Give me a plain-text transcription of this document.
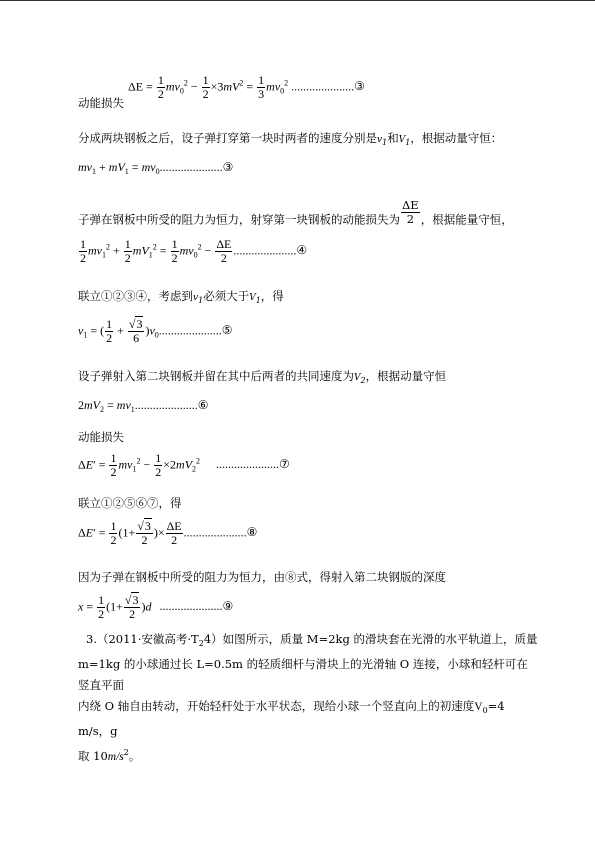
动能损失
$\Delta E = \frac{1}{2} mv_0^2 - \frac{1}{2} \times 3mV^2 = \frac{1}{3} mv_0^2$ .....................③
分成两块钢板之后，设子弹打穿第一块时两者的速度分别是$v_1$和$V_1$，根据动量守恒：
$mv_1 + mV_1$ = $mv_0.....................③$
子弹在钢板中所受的阻力为恒力，射穿第一块钢板的动能损失为 $\frac{\Delta E}{2}$ ，根据能量守恒，
$\frac{1}{2} mv_1^2 + \frac{1}{2} mV_1^2 = \frac{1}{2} mv_0^2 - \frac{\Delta E}{2}$ .....................④
联立①②③④，考虑到$v_1$必须大于$V_1$，得
$v_1$ = ( $\frac{1}{2} + \frac{√3}{6}$ )$v_0.....................⑤$
设子弹射入第二块钢板并留在其中后两者的共同速度为$V_2$，根据动量守恒
$2mV_2$ = $mv_1.....................⑥$
动能损失
$\Delta E' = \frac{1}{2} mv_1^2 - \frac{1}{2} \times 2mV_2^2$ .....................⑦
联立①②⑤⑥⑦，得
$\Delta E' = \frac{1}{2} (1+ \frac{√3}{2}$ )× $\frac{\Delta E}{2}$ .....................⑧
因为子弹在钢板中所受的阻力为恒力，由⑧式，得射入第二块钢版的深度
$x = \frac{1}{2} (1+ \frac{√3}{2} )d$ .....................⑨
3.（2011·安徽高考$\cdot T_24$）如图所示，质量 M=2kg 的滑块套在光滑的水平轨道上，质量
m=1kg 的小球通过长 L=0.5m 的轻质细杆与滑块上的光滑轴 O 连接，小球和轻杆可在竖直平面
内绕 O 轴自由转动，开始轻杆处于水平状态，现给小球一个竖直向上的初速度$V_0=4$ m/s，g
取 $10m/s^2$。
